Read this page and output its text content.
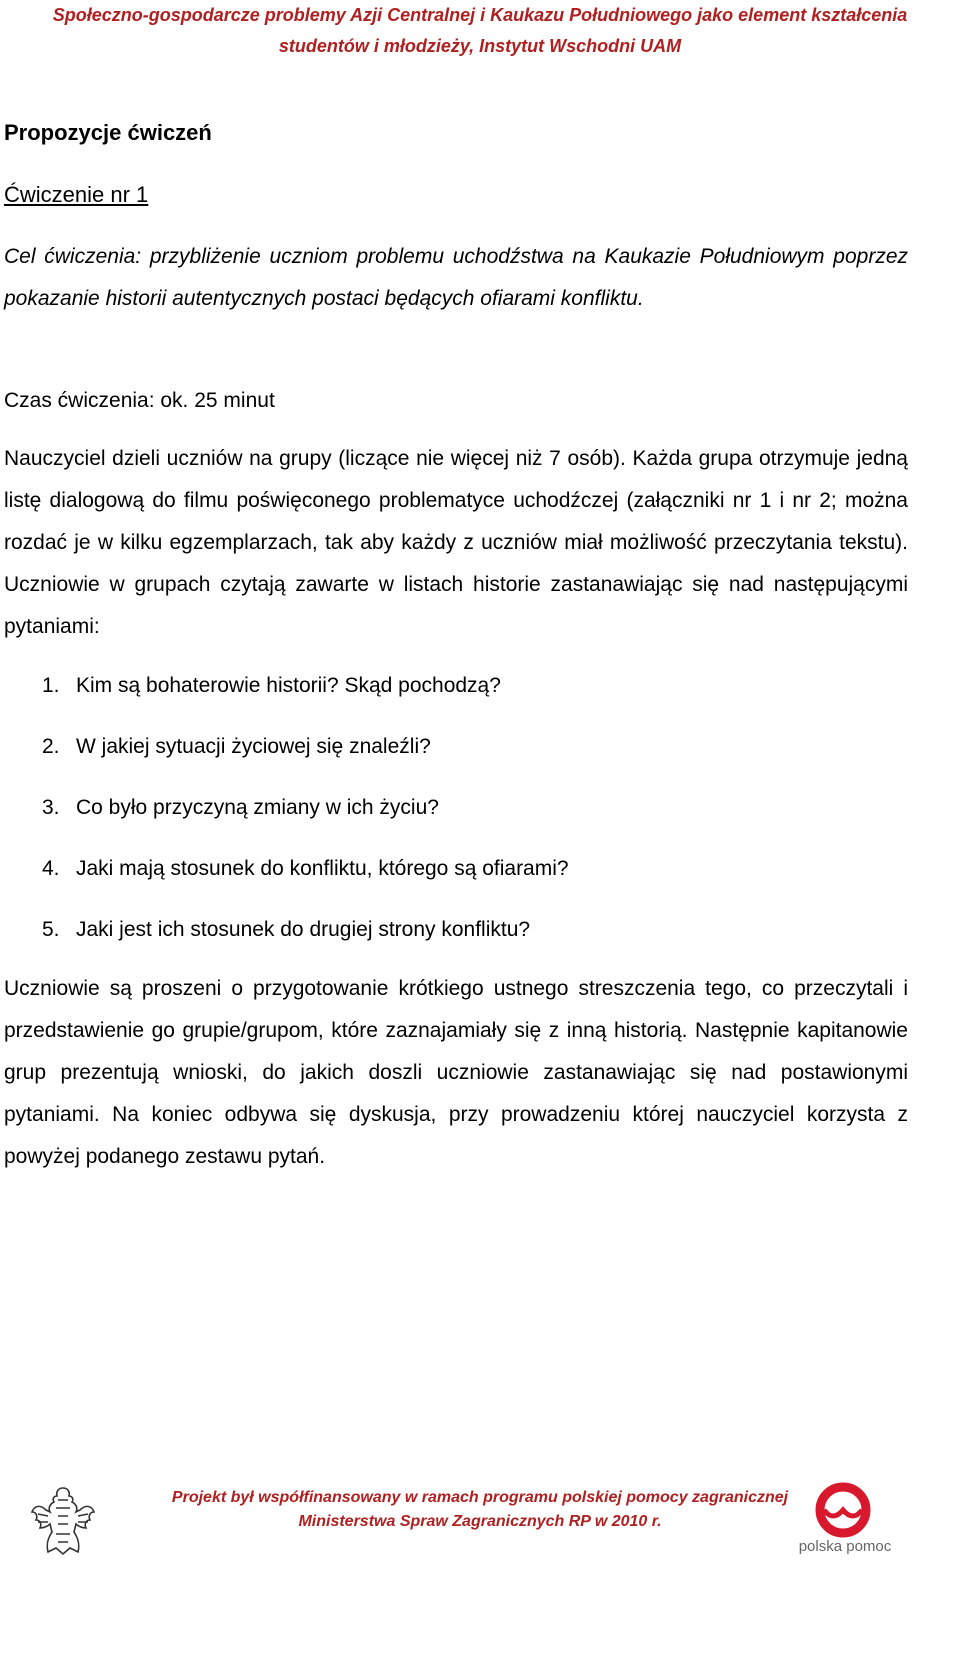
Społeczno-gospodarcze problemy Azji Centralnej i Kaukazu Południowego jako element kształcenia
studentów i młodzieży, Instytut Wschodni UAM
Propozycje ćwiczeń
Ćwiczenie nr 1
Cel ćwiczenia: przybliżenie uczniom problemu uchodźstwa na Kaukazie Południowym poprzez pokazanie historii autentycznych postaci będących ofiarami konfliktu.
Czas ćwiczenia: ok. 25 minut
Nauczyciel dzieli uczniów na grupy (liczące nie więcej niż 7 osób). Każda grupa otrzymuje jedną listę dialogową do filmu poświęconego problematyce uchodźczej (załączniki nr 1 i nr 2; można rozdać je w kilku egzemplarzach, tak aby każdy z uczniów miał możliwość przeczytania tekstu). Uczniowie w grupach czytają zawarte w listach historie zastanawiając się nad następującymi pytaniami:
1. Kim są bohaterowie historii? Skąd pochodzą?
2. W jakiej sytuacji życiowej się znaleźli?
3. Co było przyczyną zmiany w ich życiu?
4. Jaki mają stosunek do konfliktu, którego są ofiarami?
5. Jaki jest ich stosunek do drugiej strony konfliktu?
Uczniowie są proszeni o przygotowanie krótkiego ustnego streszczenia tego, co przeczytali i przedstawienie go grupie/grupom, które zaznajamiały się z inną historią. Następnie kapitanowie grup prezentują wnioski, do jakich doszli uczniowie zastanawiając się nad postawionymi pytaniami. Na koniec odbywa się dyskusja, przy prowadzeniu której nauczyciel korzysta z powyżej podanego zestawu pytań.
Projekt był współfinansowany w ramach programu polskiej pomocy zagranicznej
Ministerstwa Spraw Zagranicznych RP w 2010 r.
polska pomoc
